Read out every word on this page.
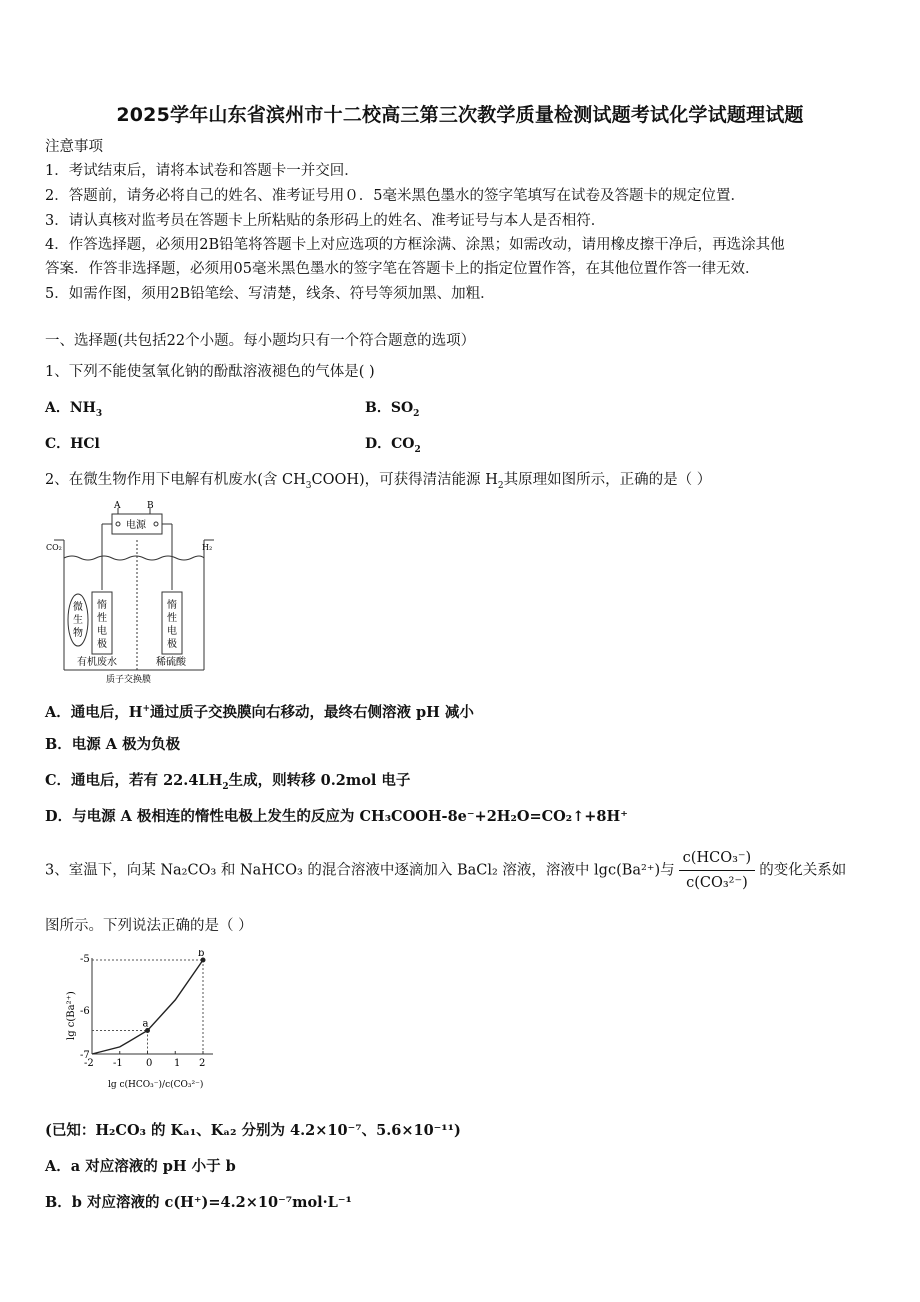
2025学年山东省滨州市十二校高三第三次教学质量检测试题考试化学试题理试题
注意事项
1．考试结束后，请将本试卷和答题卡一并交回．
2．答题前，请务必将自己的姓名、准考证号用０．5毫米黑色墨水的签字笔填写在试卷及答题卡的规定位置．
3．请认真核对监考员在答题卡上所粘贴的条形码上的姓名、准考证号与本人是否相符．
4．作答选择题，必须用2B铅笔将答题卡上对应选项的方框涂满、涂黑；如需改动，请用橡皮擦干净后，再选涂其他
答案．作答非选择题，必须用05毫米黑色墨水的签字笔在答题卡上的指定位置作答，在其他位置作答一律无效．
5．如需作图，须用2B铅笔绘、写清楚，线条、符号等须加黑、加粗．
一、选择题(共包括22个小题。每小题均只有一个符合题意的选项）
1、下列不能使氢氧化钠的酚酞溶液褪色的气体是( )
A．$NH_3$	B．$SO_2$
C．HCl	D．$CO_2$
2、在微生物作用下电解有机废水(含 $CH_3COOH$)，可获得清洁能源 $H_2$其原理如图所示，正确的是（ ）
A	B
电源
CO₂	H₂
微
生
物
惰
性
电
极
惰
性
电
极
有机废水	稀硫酸
质子交换膜
A．通电后，H+通过质子交换膜向右移动，最终右侧溶液 pH 减小
B．电源 A 极为负极
C．通电后，若有 $22.4LH_2$生成，则转移 0.2mol 电子
D．与电源 A 极相连的惰性电极上发生的反应为 CH₃COOH-8e⁻+2H₂O=CO₂↑+8H⁺
3、室温下，向某 Na₂CO₃ 和 NaHCO₃ 的混合溶液中逐滴加入 BaCl₂ 溶液，溶液中 lgc(Ba²⁺)与 $\frac{\text{c(HCO₃⁻)}}{\text{c(CO₃²⁻)}}$ 的变化关系如
图所示。下列说法正确的是（ ）
-5
-6
-7
-2 -1 0 1 2
lg c(Ba²⁺)
lg c(HCO₃⁻)/c(CO₃²⁻)
a
b
(已知：H₂CO₃ 的 Kₐ₁、Kₐ₂ 分别为 4.2×10⁻⁷、5.6×10⁻¹¹)
A．a 对应溶液的 pH 小于 b
B．b 对应溶液的 c(H⁺)=4.2×10⁻⁷mol·L⁻¹
